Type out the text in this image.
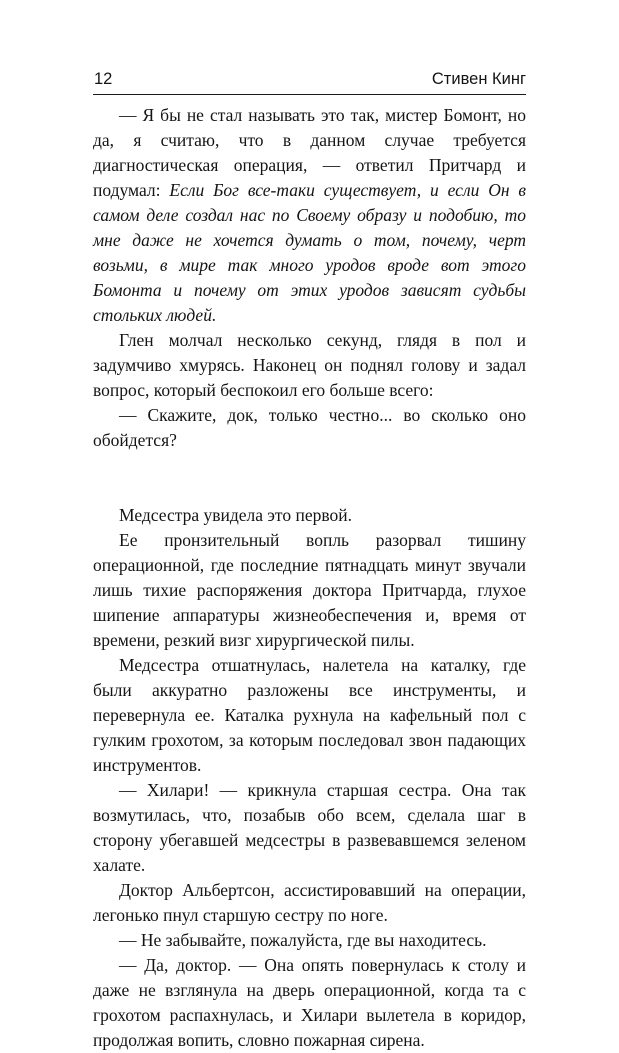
12	Стивен Кинг

— Я бы не стал называть это так, мистер Бомонт, но да, я считаю, что в данном случае требуется диагностическая операция, — ответил Притчард и подумал: Если Бог все-таки существует, и если Он в самом деле создал нас по Своему образу и подобию, то мне даже не хочется думать о том, почему, черт возьми, в мире так много уродов вроде вот этого Бомонта и почему от этих уродов зависят судьбы стольких людей.

Глен молчал несколько секунд, глядя в пол и задумчиво хмурясь. Наконец он поднял голову и задал вопрос, который беспокоил его больше всего:

— Скажите, док, только честно... во сколько оно обойдется?

Медсестра увидела это первой.

Ее пронзительный вопль разорвал тишину операционной, где последние пятнадцать минут звучали лишь тихие распоряжения доктора Притчарда, глухое шипение аппаратуры жизнеобеспечения и, время от времени, резкий визг хирургической пилы.

Медсестра отшатнулась, налетела на каталку, где были аккуратно разложены все инструменты, и перевернула ее. Каталка рухнула на кафельный пол с гулким грохотом, за которым последовал звон падающих инструментов.

— Хилари! — крикнула старшая сестра. Она так возмутилась, что, позабыв обо всем, сделала шаг в сторону убегавшей медсестры в развевавшемся зеленом халате.

Доктор Альбертсон, ассистировавший на операции, легонько пнул старшую сестру по ноге.

— Не забывайте, пожалуйста, где вы находитесь.

— Да, доктор. — Она опять повернулась к столу и даже не взглянула на дверь операционной, когда та с грохотом распахнулась, и Хилари вылетела в коридор, продолжая вопить, словно пожарная сирена.
